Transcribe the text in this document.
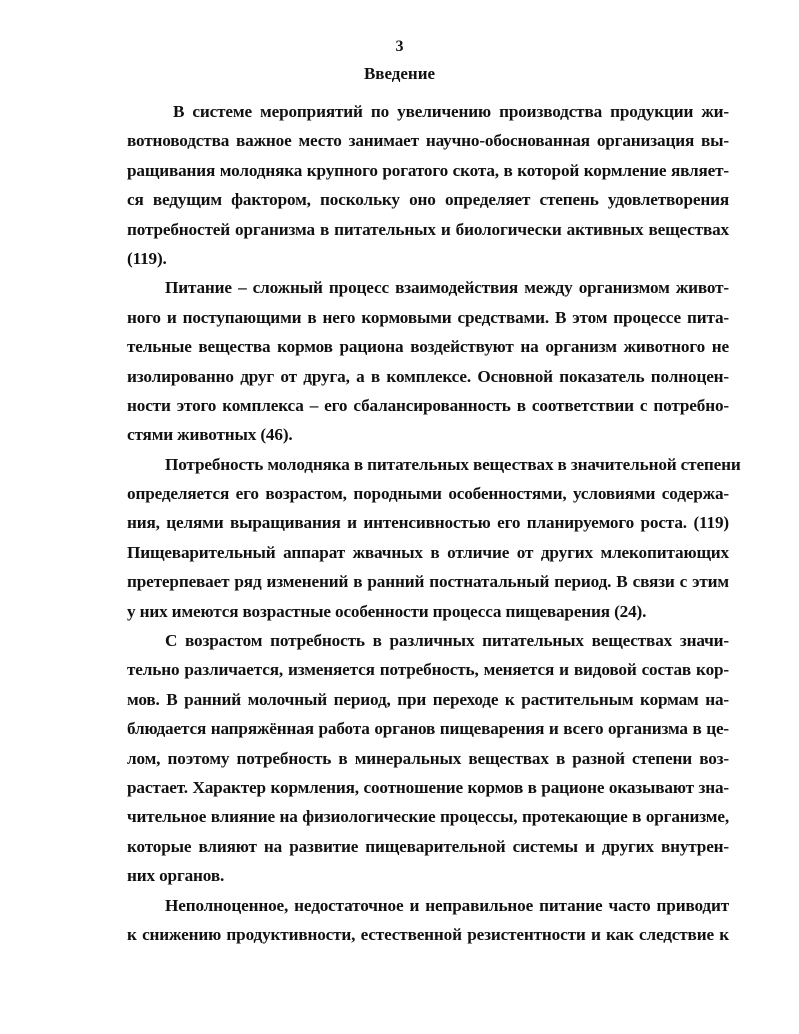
3
Введение
В системе мероприятий по увеличению производства продукции жи-
вотноводства важное место занимает научно-обоснованная организация вы-
ращивания молодняка крупного рогатого скота, в которой кормление являет-
ся ведущим фактором, поскольку оно определяет степень удовлетворения
потребностей организма в питательных и биологически активных веществах
(119).
Питание – сложный процесс взаимодействия между организмом живот-
ного и поступающими в него кормовыми средствами. В этом процессе пита-
тельные вещества кормов рациона воздействуют на организм животного не
изолированно друг от друга, а в комплексе. Основной показатель полноцен-
ности этого комплекса – его сбалансированность в соответствии с потребно-
стями животных (46).
Потребность молодняка в питательных веществах в значительной степени
определяется его возрастом, породными особенностями, условиями содержа-
ния, целями выращивания и интенсивностью его планируемого роста. (119)
Пищеварительный аппарат жвачных в отличие от других млекопитающих
претерпевает ряд изменений в ранний постнатальный период. В связи с этим
у них имеются возрастные особенности процесса пищеварения (24).
С возрастом потребность в различных питательных веществах значи-
тельно различается, изменяется потребность, меняется и видовой состав кор-
мов. В ранний молочный период, при переходе к растительным кормам на-
блюдается напряжённая работа органов пищеварения и всего организма в це-
лом, поэтому потребность в минеральных веществах в разной степени воз-
растает. Характер кормления, соотношение кормов в рационе оказывают зна-
чительное влияние на физиологические процессы, протекающие в организме,
которые влияют на развитие пищеварительной системы и других внутрен-
них органов.
Неполноценное, недостаточное и неправильное питание часто приводит
к снижению продуктивности, естественной резистентности и как следствие к
